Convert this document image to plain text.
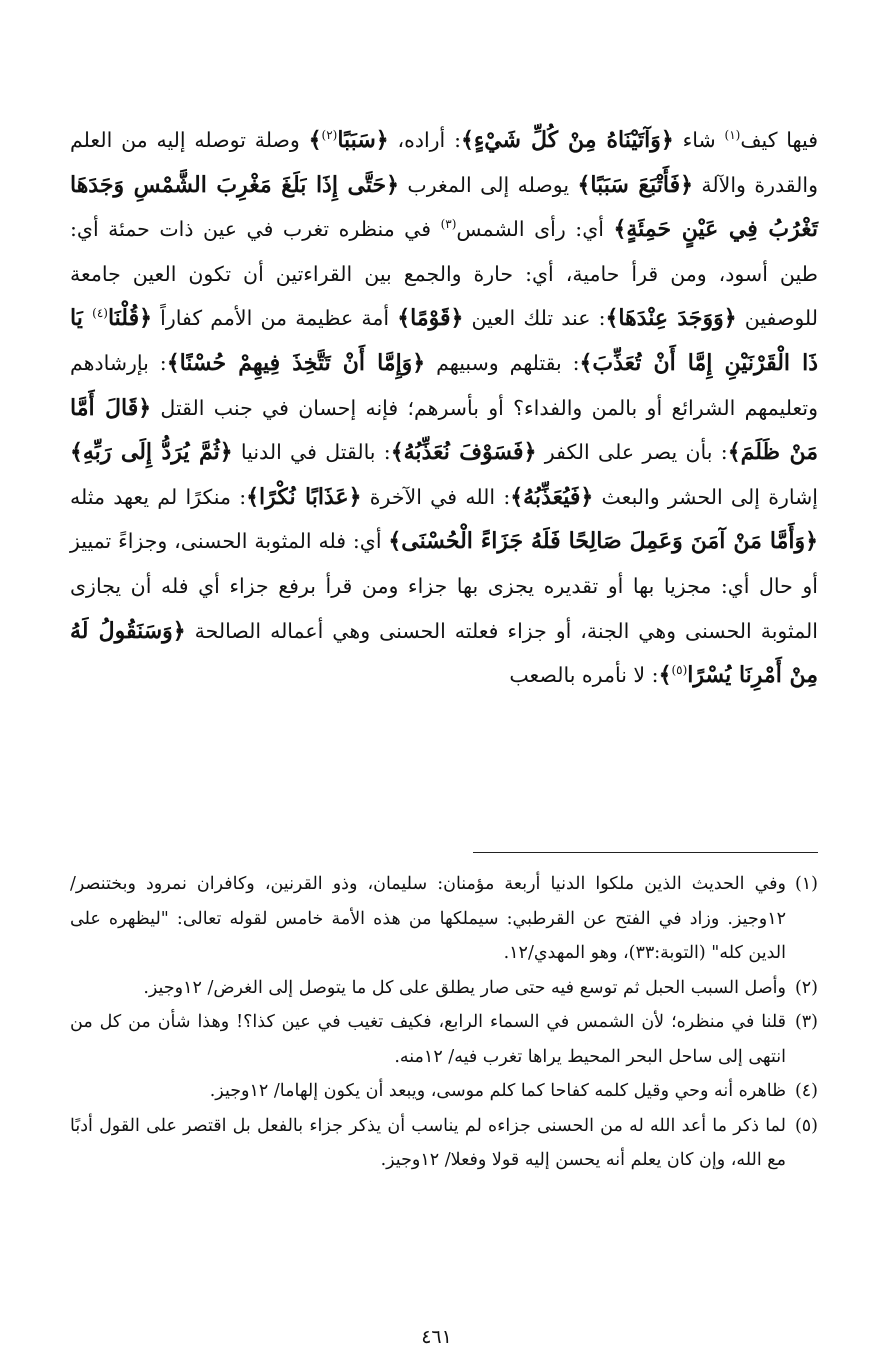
فيها كيف$^{(١)}$ شاء ﴿وَآتَيْنَاهُ مِنْ كُلِّ شَيْءٍ﴾: أراده، ﴿سَبَبًا$^{(٢)}$﴾ وصلة توصله إليه من العلم والقدرة والآلة ﴿فَأَتْبَعَ سَبَبًا﴾ يوصله إلى المغرب ﴿حَتَّى إِذَا بَلَغَ مَغْرِبَ الشَّمْسِ وَجَدَهَا تَغْرُبُ فِي عَيْنٍ حَمِئَةٍ﴾ أي: رأى الشمس$^{(٣)}$ في منظره تغرب في عين ذات حمئة أي: طين أسود، ومن قرأ حامية، أي: حارة والجمع بين القراءتين أن تكون العين جامعة للوصفين ﴿وَوَجَدَ عِنْدَهَا﴾: عند تلك العين ﴿قَوْمًا﴾ أمة عظيمة من الأمم كفاراً ﴿قُلْنَا$^{(٤)}$ يَا ذَا الْقَرْنَيْنِ إِمَّا أَنْ تُعَذِّبَ﴾: بقتلهم وسبيهم ﴿وَإِمَّا أَنْ تَتَّخِذَ فِيهِمْ حُسْنًا﴾: بإرشادهم وتعليمهم الشرائع أو بالمن والفداء؟ أو بأسرهم؛ فإنه إحسان في جنب القتل ﴿قَالَ أَمَّا مَنْ ظَلَمَ﴾: بأن يصر على الكفر ﴿فَسَوْفَ نُعَذِّبُهُ﴾: بالقتل في الدنيا ﴿ثُمَّ يُرَدُّ إِلَى رَبِّهِ﴾ إشارة إلى الحشر والبعث ﴿فَيُعَذِّبُهُ﴾: الله في الآخرة ﴿عَذَابًا نُكْرًا﴾: منكرًا لم يعهد مثله ﴿وَأَمَّا مَنْ آمَنَ وَعَمِلَ صَالِحًا فَلَهُ جَزَاءً الْحُسْنَى﴾ أي: فله المثوبة الحسنى، وجزاءً تمييز أو حال أي: مجزيا بها أو تقديره يجزى بها جزاء ومن قرأ برفع جزاء أي فله أن يجازى المثوبة الحسنى وهي الجنة، أو جزاء فعلته الحسنى وهي أعماله الصالحة ﴿وَسَنَقُولُ لَهُ مِنْ أَمْرِنَا يُسْرًا$^{(٥)}$﴾: لا نأمره بالصعب

(١)
وفي الحديث الذين ملكوا الدنيا أربعة مؤمنان: سليمان، وذو القرنين، وكافران نمرود وبختنصر/ ١٢وجيز. وزاد في الفتح عن القرطبي: سيملكها من هذه الأمة خامس لقوله تعالى: "ليظهره على الدين كله" (التوبة:٣٣)، وهو المهدي/١٢.
(٢)
وأصل السبب الحبل ثم توسع فيه حتى صار يطلق على كل ما يتوصل إلى الغرض/ ١٢وجيز.
(٣)
قلنا في منظره؛ لأن الشمس في السماء الرابع، فكيف تغيب في عين كذا؟! وهذا شأن من كل من انتهى إلى ساحل البحر المحيط يراها تغرب فيه/ ١٢منه.
(٤)
ظاهره أنه وحي وقيل كلمه كفاحا كما كلم موسى، ويبعد أن يكون إلهاما/ ١٢وجيز.
(٥)
لما ذكر ما أعد الله له من الحسنى جزاءه لم يناسب أن يذكر جزاء بالفعل بل اقتصر على القول أدبًا مع الله، وإن كان يعلم أنه يحسن إليه قولا وفعلا/ ١٢وجيز.
٤٦١
